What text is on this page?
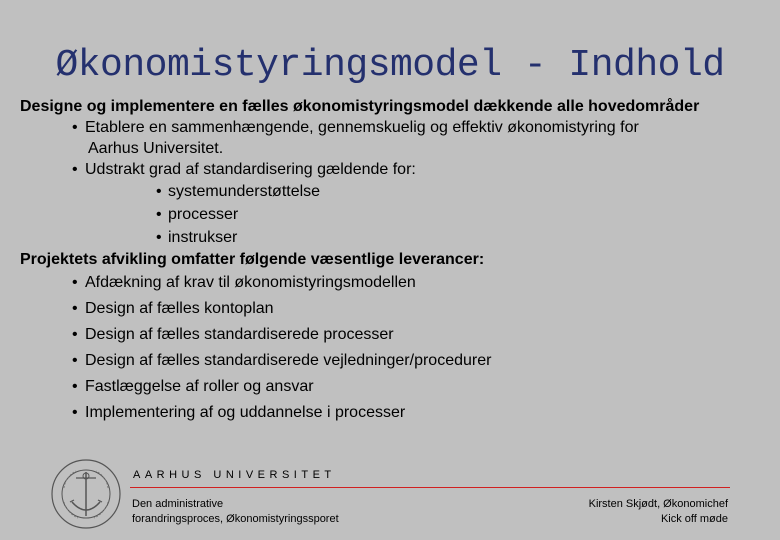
Økonomistyringsmodel - Indhold
Designe og implementere en fælles økonomistyringsmodel dækkende alle hovedområder
• Etablere en sammenhængende, gennemskuelig og effektiv økonomistyring for
Aarhus Universitet.
• Udstrakt grad af standardisering gældende for:
• systemunderstøttelse
• processer
• instrukser
Projektets afvikling omfatter følgende væsentlige leverancer:
• Afdækning af krav til økonomistyringsmodellen
• Design af fælles kontoplan
• Design af fælles standardiserede processer
• Design af fælles standardiserede vejledninger/procedurer
• Fastlæggelse af roller og ansvar
• Implementering af og uddannelse i processer
AARHUS UNIVERSITET
Den administrative
forandringsproces, Økonomistyringssporet
Kirsten Skjødt, Økonomichef
Kick off møde
